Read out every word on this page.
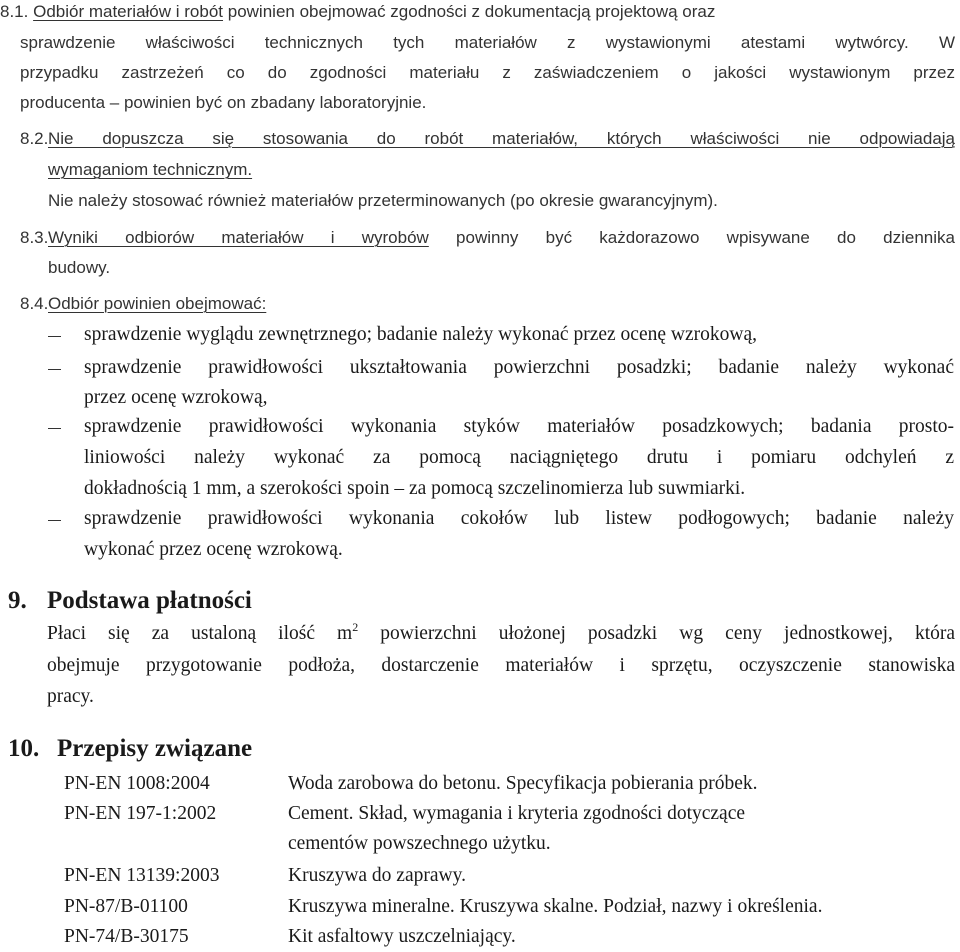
8.1. Odbiór materiałów i robót powinien obejmować zgodności z dokumentacją projektową oraz
sprawdzenie właściwości technicznych tych materiałów z wystawionymi atestami wytwórcy. W
przypadku zastrzeżeń co do zgodności materiału z zaświadczeniem o jakości wystawionym przez
producenta – powinien być on zbadany laboratoryjnie.
8.2. Nie dopuszcza się stosowania do robót materiałów, których właściwości nie odpowiadają
wymaganiom technicznym.
Nie należy stosować również materiałów przeterminowanych (po okresie gwarancyjnym).
8.3. Wyniki odbiorów materiałów i wyrobów powinny być każdorazowo wpisywane do dziennika
budowy.
8.4. Odbiór powinien obejmować:
sprawdzenie wyglądu zewnętrznego; badanie należy wykonać przez ocenę wzrokową,
sprawdzenie prawidłowości ukształtowania powierzchni posadzki; badanie należy wykonać
przez ocenę wzrokową,
sprawdzenie prawidłowości wykonania styków materiałów posadzkowych; badania prosto-
liniowości należy wykonać za pomocą naciągniętego drutu i pomiaru odchyleń z
dokładnością 1 mm, a szerokości spoin – za pomocą szczelinomierza lub suwmiarki.
sprawdzenie prawidłowości wykonania cokołów lub listew podłogowych; badanie należy
wykonać przez ocenę wzrokową.
9. Podstawa płatności
Płaci się za ustaloną ilość $m^2$ powierzchni ułożonej posadzki wg ceny jednostkowej, która
obejmuje przygotowanie podłoża, dostarczenie materiałów i sprzętu, oczyszczenie stanowiska
pracy.
10. Przepisy związane
PN-EN 1008:2004	Woda zarobowa do betonu. Specyfikacja pobierania próbek.
PN-EN 197-1:2002	Cement. Skład, wymagania i kryteria zgodności dotyczące
cementów powszechnego użytku.
PN-EN 13139:2003	Kruszywa do zaprawy.
PN-87/B-01100	Kruszywa mineralne. Kruszywa skalne. Podział, nazwy i określenia.
PN-74/B-30175	Kit asfaltowy uszczelniający.
